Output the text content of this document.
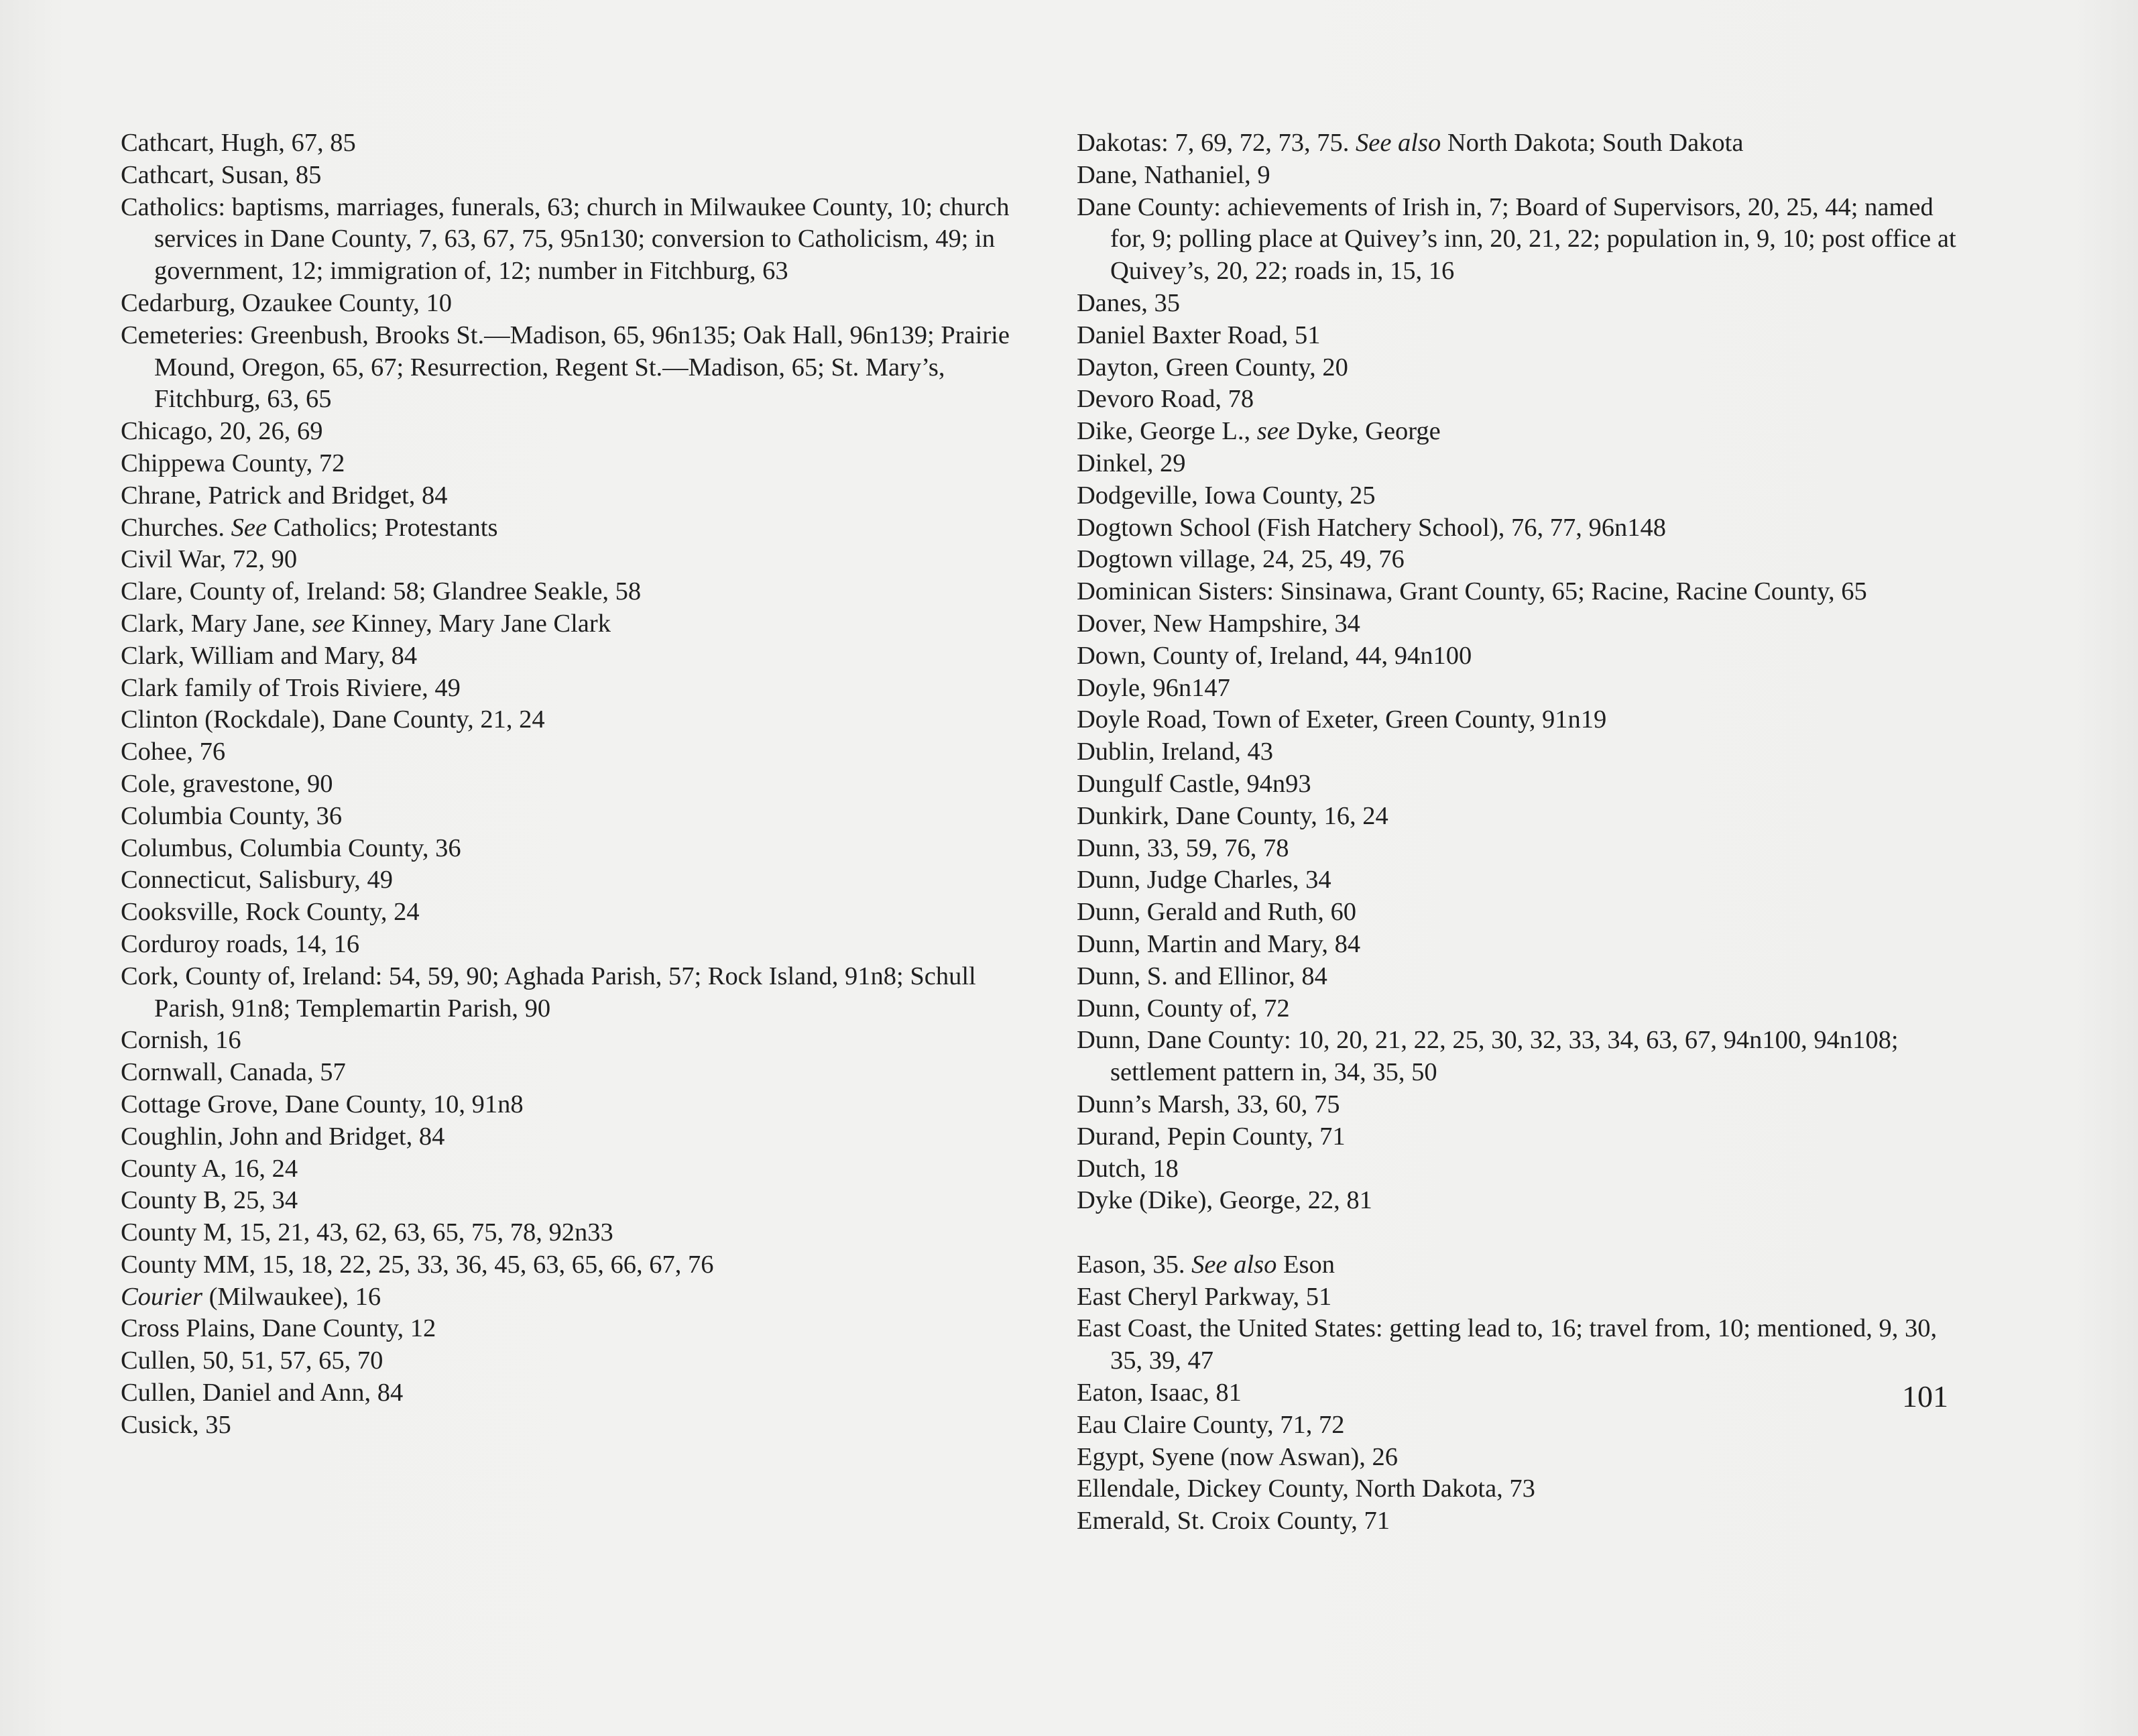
Cathcart, Hugh, 67, 85
Cathcart, Susan, 85
Catholics: baptisms, marriages, funerals, 63; church in Milwaukee County, 10; church services in Dane County, 7, 63, 67, 75, 95n130; conversion to Catholicism, 49; in government, 12; immigration of, 12; number in Fitchburg, 63
Cedarburg, Ozaukee County, 10
Cemeteries: Greenbush, Brooks St.—Madison, 65, 96n135; Oak Hall, 96n139; Prairie Mound, Oregon, 65, 67; Resurrection, Regent St.—Madison, 65; St. Mary’s, Fitchburg, 63, 65
Chicago, 20, 26, 69
Chippewa County, 72
Chrane, Patrick and Bridget, 84
Churches. See Catholics; Protestants
Civil War, 72, 90
Clare, County of, Ireland: 58; Glandree Seakle, 58
Clark, Mary Jane, see Kinney, Mary Jane Clark
Clark, William and Mary, 84
Clark family of Trois Riviere, 49
Clinton (Rockdale), Dane County, 21, 24
Cohee, 76
Cole, gravestone, 90
Columbia County, 36
Columbus, Columbia County, 36
Connecticut, Salisbury, 49
Cooksville, Rock County, 24
Corduroy roads, 14, 16
Cork, County of, Ireland: 54, 59, 90; Aghada Parish, 57; Rock Island, 91n8; Schull Parish, 91n8; Templemartin Parish, 90
Cornish, 16
Cornwall, Canada, 57
Cottage Grove, Dane County, 10, 91n8
Coughlin, John and Bridget, 84
County A, 16, 24
County B, 25, 34
County M, 15, 21, 43, 62, 63, 65, 75, 78, 92n33
County MM, 15, 18, 22, 25, 33, 36, 45, 63, 65, 66, 67, 76
Courier (Milwaukee), 16
Cross Plains, Dane County, 12
Cullen, 50, 51, 57, 65, 70
Cullen, Daniel and Ann, 84
Cusick, 35
Dakotas: 7, 69, 72, 73, 75. See also North Dakota; South Dakota
Dane, Nathaniel, 9
Dane County: achievements of Irish in, 7; Board of Supervisors, 20, 25, 44; named for, 9; polling place at Quivey’s inn, 20, 21, 22; population in, 9, 10; post office at Quivey’s, 20, 22; roads in, 15, 16
Danes, 35
Daniel Baxter Road, 51
Dayton, Green County, 20
Devoro Road, 78
Dike, George L., see Dyke, George
Dinkel, 29
Dodgeville, Iowa County, 25
Dogtown School (Fish Hatchery School), 76, 77, 96n148
Dogtown village, 24, 25, 49, 76
Dominican Sisters: Sinsinawa, Grant County, 65; Racine, Racine County, 65
Dover, New Hampshire, 34
Down, County of, Ireland, 44, 94n100
Doyle, 96n147
Doyle Road, Town of Exeter, Green County, 91n19
Dublin, Ireland, 43
Dungulf Castle, 94n93
Dunkirk, Dane County, 16, 24
Dunn, 33, 59, 76, 78
Dunn, Judge Charles, 34
Dunn, Gerald and Ruth, 60
Dunn, Martin and Mary, 84
Dunn, S. and Ellinor, 84
Dunn, County of, 72
Dunn, Dane County: 10, 20, 21, 22, 25, 30, 32, 33, 34, 63, 67, 94n100, 94n108; settlement pattern in, 34, 35, 50
Dunn’s Marsh, 33, 60, 75
Durand, Pepin County, 71
Dutch, 18
Dyke (Dike), George, 22, 81
Eason, 35. See also Eson
East Cheryl Parkway, 51
East Coast, the United States: getting lead to, 16; travel from, 10; mentioned, 9, 30, 35, 39, 47
Eaton, Isaac, 81
Eau Claire County, 71, 72
Egypt, Syene (now Aswan), 26
Ellendale, Dickey County, North Dakota, 73
Emerald, St. Croix County, 71
101
